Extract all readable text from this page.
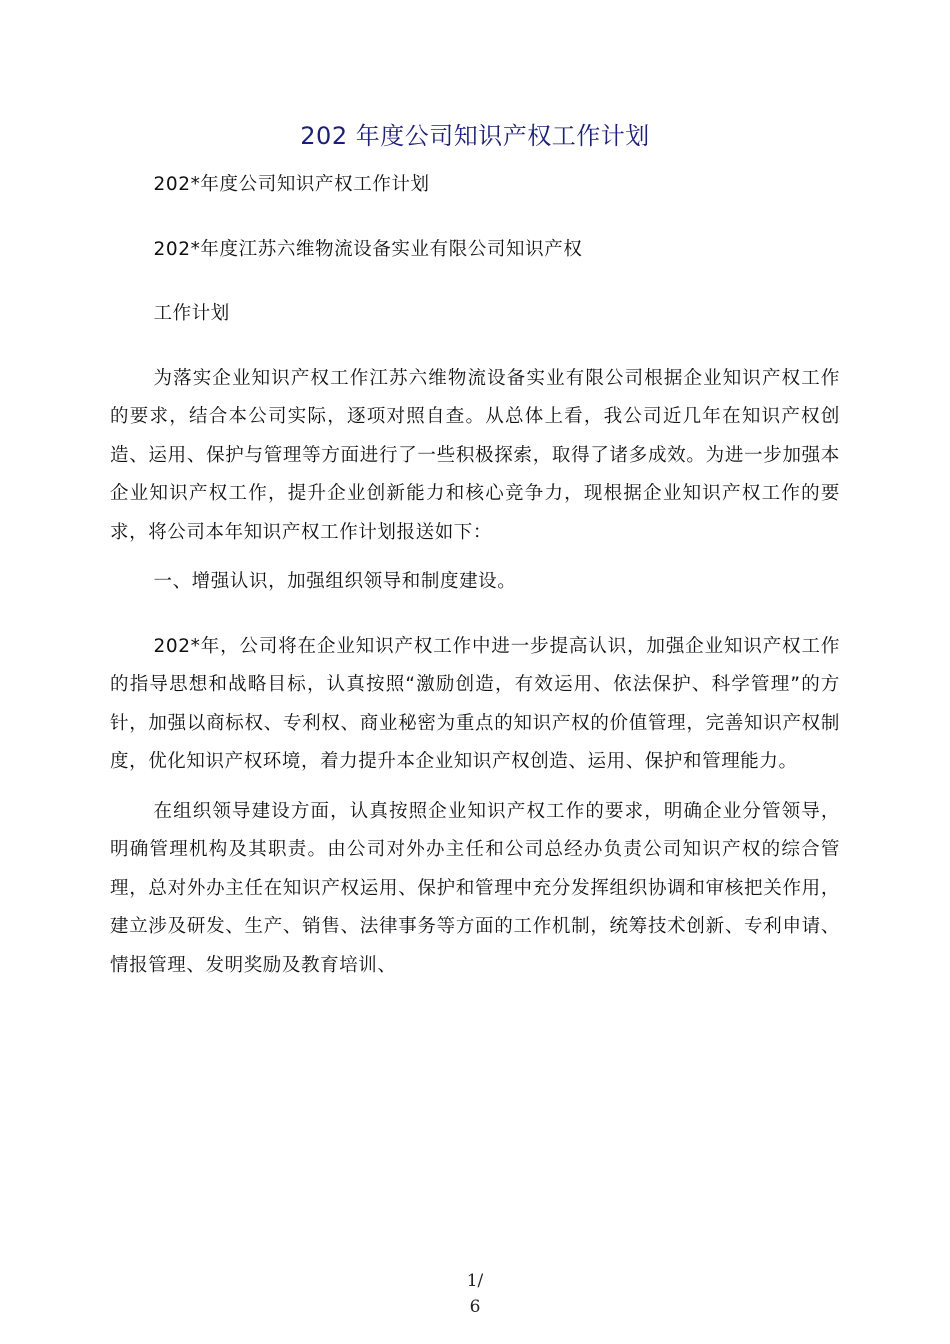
202 年度公司知识产权工作计划

202*年度公司知识产权工作计划

202*年度江苏六维物流设备实业有限公司知识产权

工作计划

为落实企业知识产权工作江苏六维物流设备实业有限公司根据企业知识产权工作的要求，结合本公司实际，逐项对照自查。从总体上看，我公司近几年在知识产权创造、运用、保护与管理等方面进行了一些积极探索，取得了诸多成效。为进一步加强本企业知识产权工作，提升企业创新能力和核心竞争力，现根据企业知识产权工作的要求，将公司本年知识产权工作计划报送如下：

一、增强认识，加强组织领导和制度建设。

202*年，公司将在企业知识产权工作中进一步提高认识，加强企业知识产权工作的指导思想和战略目标，认真按照“激励创造，有效运用、依法保护、科学管理”的方针，加强以商标权、专利权、商业秘密为重点的知识产权的价值管理，完善知识产权制度，优化知识产权环境，着力提升本企业知识产权创造、运用、保护和管理能力。

在组织领导建设方面，认真按照企业知识产权工作的要求，明确企业分管领导，明确管理机构及其职责。由公司对外办主任和公司总经办负责公司知识产权的综合管理，总对外办主任在知识产权运用、保护和管理中充分发挥组织协调和审核把关作用，建立涉及研发、生产、销售、法律事务等方面的工作机制，统筹技术创新、专利申请、情报管理、发明奖励及教育培训、

1/
6
